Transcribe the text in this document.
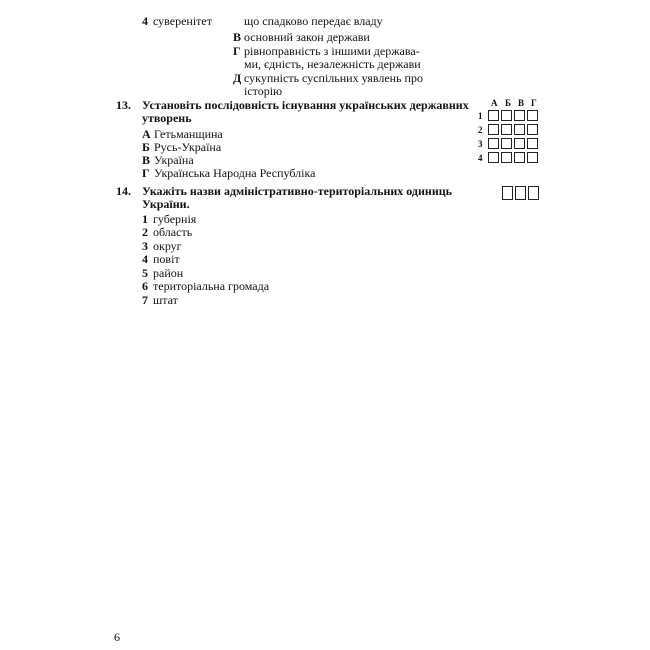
4 суверенітет	що спадково передає владу
В основний закон держави
Г рівноправність з іншими держава-
ми, єдність, незалежність держави
Д сукупність суспільних уявлень про
історію
13. Установіть послідовність існування українських державних
утворень
А Гетьманщина
Б Русь-Україна
В Україна
Г Українська Народна Республіка
А Б В Г
1
2
3
4
14. Укажіть назви адміністративно-територіальних одиниць
України.
1 губернія
2 область
3 округ
4 повіт
5 район
6 територіальна громада
7 штат
6
